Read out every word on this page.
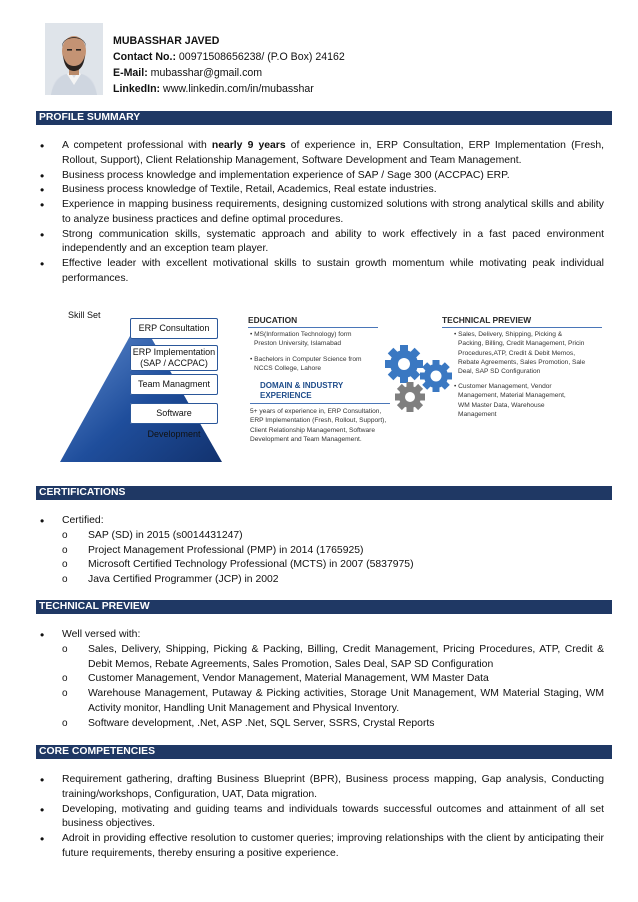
MUBASSHAR JAVED
Contact No.: 00971508656238/ (P.O Box) 24162
E-Mail: mubasshar@gmail.com
LinkedIn: www.linkedin.com/in/mubasshar
PROFILE SUMMARY
• A competent professional with nearly 9 years of experience in, ERP Consultation, ERP Implementation (Fresh, Rollout, Support), Client Relationship Management, Software Development and Team Management.
• Business process knowledge and implementation experience of SAP / Sage 300 (ACCPAC) ERP.
• Business process knowledge of Textile, Retail, Academics, Real estate industries.
• Experience in mapping business requirements, designing customized solutions with strong analytical skills and ability to analyze business practices and define optimal procedures.
• Strong communication skills, systematic approach and ability to work effectively in a fast paced environment independently and an exception team player.
• Effective leader with excellent motivational skills to sustain growth momentum while motivating peak individual performances.
Skill Set
ERP Consultation
ERP Implementation
(SAP / ACCPAC)
Team Managment
Software Development
EDUCATION
• MS(Information Technology) form
Preston University, Islamabad
• Bachelors in Computer Science from
NCCS College, Lahore
DOMAIN & INDUSTRY
EXPERIENCE
5+ years of experience in, ERP Consultation,
ERP Implementation (Fresh, Rollout, Support),
Client Relationship Management, Software
Development and Team Management.
TECHNICAL PREVIEW
• Sales, Delivery, Shipping, Picking &
Packing, Billing, Credit Management, Pricin
Procedures,ATP, Credit & Debit Memos,
Rebate Agreements, Sales Promotion, Sale
Deal, SAP SD Configuration
• Customer Management, Vendor
Management, Material Management,
WM Master Data, Warehouse
Management
CERTIFICATIONS
• Certified:
o SAP (SD) in 2015 (s0014431247)
o Project Management Professional (PMP) in 2014 (1765925)
o Microsoft Certified Technology Professional (MCTS) in 2007 (5837975)
o Java Certified Programmer (JCP) in 2002
TECHNICAL PREVIEW
• Well versed with:
o Sales, Delivery, Shipping, Picking & Packing, Billing, Credit Management, Pricing Procedures, ATP, Credit & Debit Memos, Rebate Agreements, Sales Promotion, Sales Deal, SAP SD Configuration
o Customer Management, Vendor Management, Material Management, WM Master Data
o Warehouse Management, Putaway & Picking activities, Storage Unit Management, WM Material Staging, WM Activity monitor, Handling Unit Management and Physical Inventory.
o Software development, .Net, ASP .Net, SQL Server, SSRS, Crystal Reports
CORE COMPETENCIES
• Requirement gathering, drafting Business Blueprint (BPR), Business process mapping, Gap analysis, Conducting training/workshops, Configuration, UAT, Data migration.
• Developing, motivating and guiding teams and individuals towards successful outcomes and attainment of all set business objectives.
• Adroit in providing effective resolution to customer queries; improving relationships with the client by anticipating their future requirements, thereby ensuring a positive experience.
